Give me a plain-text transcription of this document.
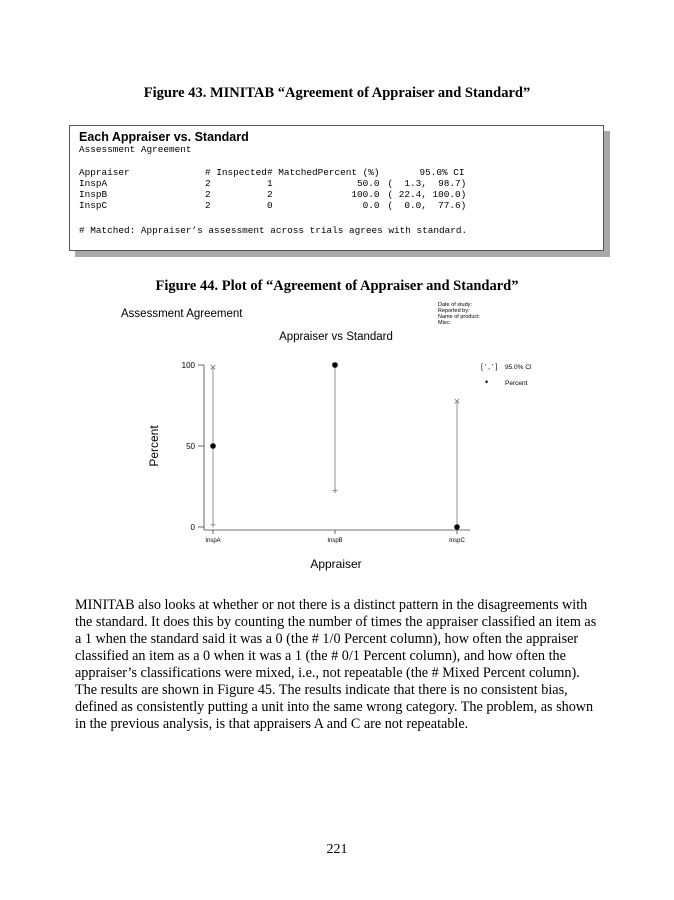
Figure 43. MINITAB “Agreement of Appraiser and Standard”
Each Appraiser vs. Standard
Assessment Agreement
Appraiser	# Inspected	# Matched	Percent (%)	95.0% CI
InspA	2	1	50.0	(  1.3,  98.7)
InspB	2	2	100.0	( 22.4, 100.0)
InspC	2	0	0.0	(  0.0,  77.6)
# Matched: Appraiser’s assessment across trials agrees with standard.
Figure 44. Plot of “Agreement of Appraiser and Standard”
Assessment Agreement
Date of study:
Reported by:
Name of product:
Misc:
Appraiser vs Standard
Percent
Appraiser
0
50
100
InspA	InspB	InspC
[ ' , ' ] 95.0% CI
•	Percent

MINITAB also looks at whether or not there is a distinct pattern in the disagreements with the standard. It does this by counting the number of times the appraiser classified an item as a 1 when the standard said it was a 0 (the # 1/0 Percent column), how often the appraiser classified an item as a 0 when it was a 1 (the # 0/1 Percent column), and how often the appraiser’s classifications were mixed, i.e., not repeatable (the # Mixed Percent column). The results are shown in Figure 45. The results indicate that there is no consistent bias, defined as consistently putting a unit into the same wrong category. The problem, as shown in the previous analysis, is that appraisers A and C are not repeatable.

221
